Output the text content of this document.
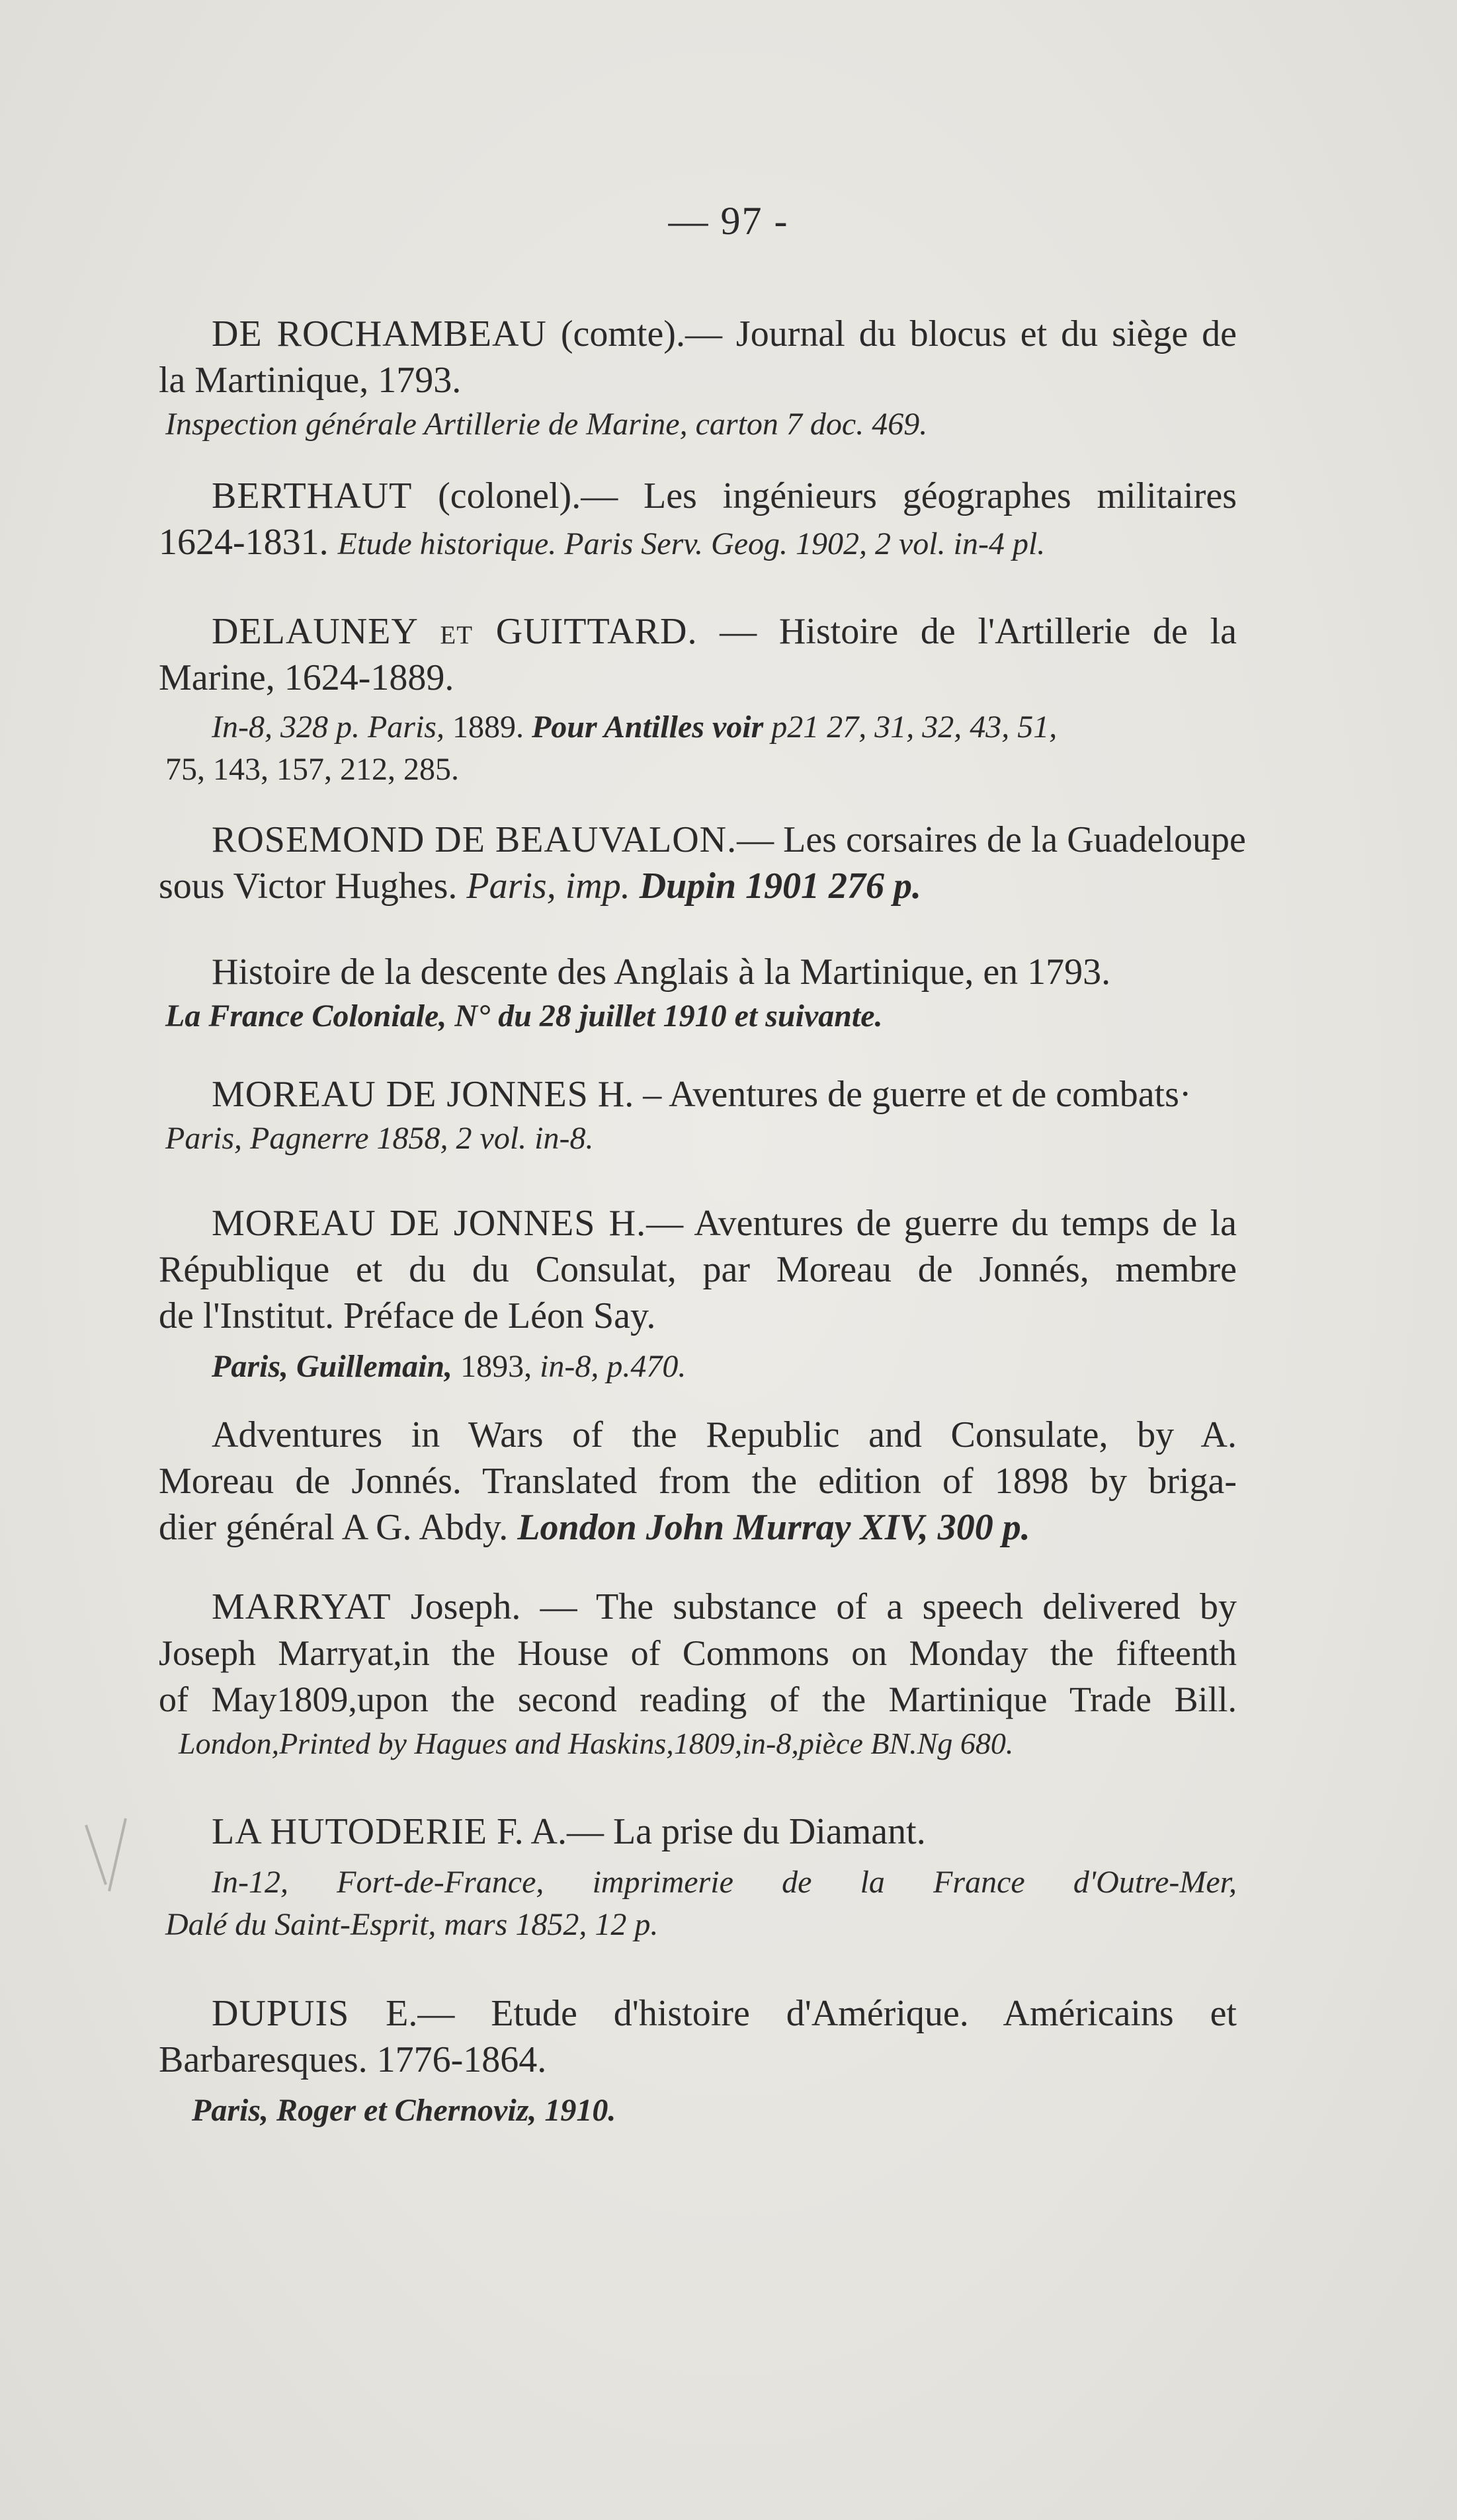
— 97 -
DE ROCHAMBEAU (comte).— Journal du blocus et du siège de
la Martinique, 1793.
Inspection générale Artillerie de Marine, carton 7 doc. 469.
BERTHAUT (colonel).— Les ingénieurs géographes militaires
1624-1831. Etude historique. Paris Serv. Geog. 1902, 2 vol. in-4 pl.
DELAUNEY et GUITTARD. — Histoire de l'Artillerie de la
Marine, 1624-1889.
In-8, 328 p. Paris, 1889. Pour Antilles voir p21 27, 31, 32, 43, 51,
75, 143, 157, 212, 285.
ROSEMOND DE BEAUVALON.— Les corsaires de la Guadeloupe
sous Victor Hughes. Paris, imp. Dupin 1901 276 p.
Histoire de la descente des Anglais à la Martinique, en 1793.
La France Coloniale, N° du 28 juillet 1910 et suivante.
MOREAU DE JONNES H. – Aventures de guerre et de combats·
Paris, Pagnerre 1858, 2 vol. in-8.
MOREAU DE JONNES H.— Aventures de guerre du temps de la
République et du du Consulat, par Moreau de Jonnés, membre
de l'Institut. Préface de Léon Say.
Paris, Guillemain, 1893, in-8, p.470.
Adventures in Wars of the Republic and Consulate, by A.
Moreau de Jonnés. Translated from the edition of 1898 by briga-
dier général A G. Abdy. London John Murray XIV, 300 p.
MARRYAT Joseph. — The substance of a speech delivered by
Joseph Marryat,in the House of Commons on Monday the fifteenth
of May1809,upon the second reading of the Martinique Trade Bill.
London,Printed by Hagues and Haskins,1809,in-8,pièce BN.Ng 680.
LA HUTODERIE F. A.— La prise du Diamant.
In-12, Fort-de-France, imprimerie de la France d'Outre-Mer,
Dalé du Saint-Esprit, mars 1852, 12 p.
DUPUIS E.— Etude d'histoire d'Amérique. Américains et
Barbaresques. 1776-1864.
Paris, Roger et Chernoviz, 1910.
